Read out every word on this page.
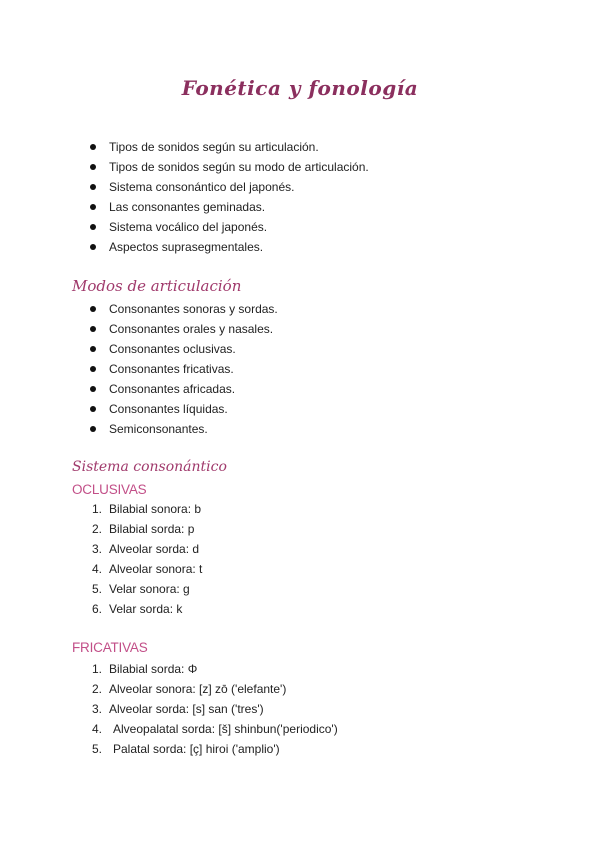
Fonética y fonología
Tipos de sonidos según su articulación.
Tipos de sonidos según su modo de articulación.
Sistema consonántico del japonés.
Las consonantes geminadas.
Sistema vocálico del japonés.
Aspectos suprasegmentales.
Modos de articulación
Consonantes sonoras y sordas.
Consonantes orales y nasales.
Consonantes oclusivas.
Consonantes fricativas.
Consonantes africadas.
Consonantes líquidas.
Semiconsonantes.
Sistema consonántico
OCLUSIVAS
1. Bilabial sonora: b
2. Bilabial sorda: p
3. Alveolar sorda: d
4. Alveolar sonora: t
5. Velar sonora: g
6. Velar sorda: k
FRICATIVAS
1. Bilabial sorda: Φ
2. Alveolar sonora: [z] zō ('elefante')
3. Alveolar sorda: [s] san ('tres')
4. Alveopalatal sorda: [š] shinbun('periodico')
5. Palatal sorda: [ç] hiroi ('amplio')
